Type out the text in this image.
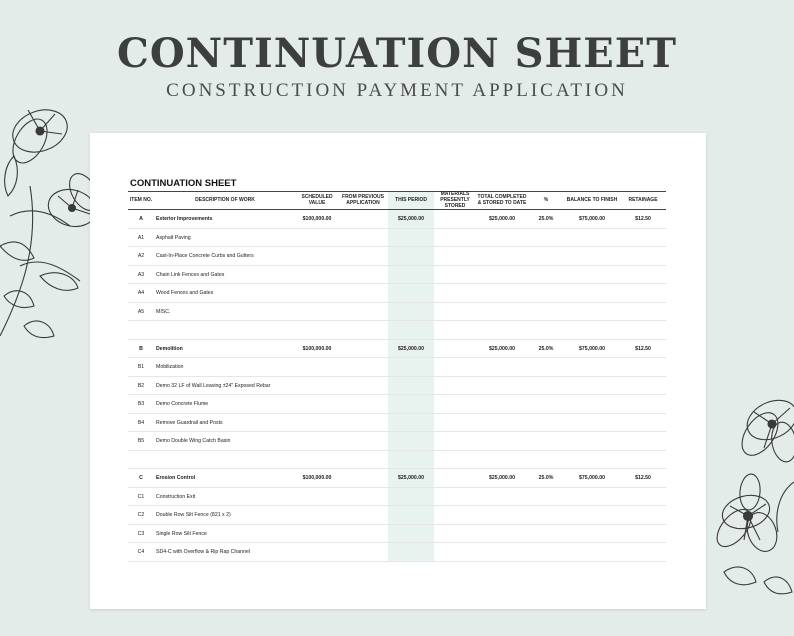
CONTINUATION SHEET
CONSTRUCTION PAYMENT APPLICATION
CONTINUATION SHEET
ITEM NO.	DESCRIPTION OF WORK	SCHEDULED VALUE	FROM PREVIOUS APPLICATION	THIS PERIOD	MATERIALS PRESENTLY STORED	TOTAL COMPLETED & STORED TO DATE	%	BALANCE TO FINISH	RETAINAGE
A	Exterior Improvements	$100,000.00		$25,000.00		$25,000.00	25.0%	$75,000.00	$12.50
A1	Asphalt Paving								
A2	Cast-In-Place Concrete Curbs and Gutters								
A3	Chain Link Fences and Gates								
A4	Wood Fences and Gates								
A5	MISC.								

B	Demolition	$100,000.00		$25,000.00		$25,000.00	25.0%	$75,000.00	$12.50
B1	Mobilization								
B2	Demo 32 LF of Wall Leaving ±24" Exposed Rebar								
B3	Demo Concrete Flume								
B4	Remove Guardrail and Posts								
B5	Demo Double Wing Catch Basin								

C	Erosion Control	$100,000.00		$25,000.00		$25,000.00	25.0%	$75,000.00	$12.50
C1	Construction Exit								
C2	Double Row Silt Fence (821 x 2)								
C3	Single Row Silt Fence								
C4	SD4-C with Overflow & Rip Rap Channel								
